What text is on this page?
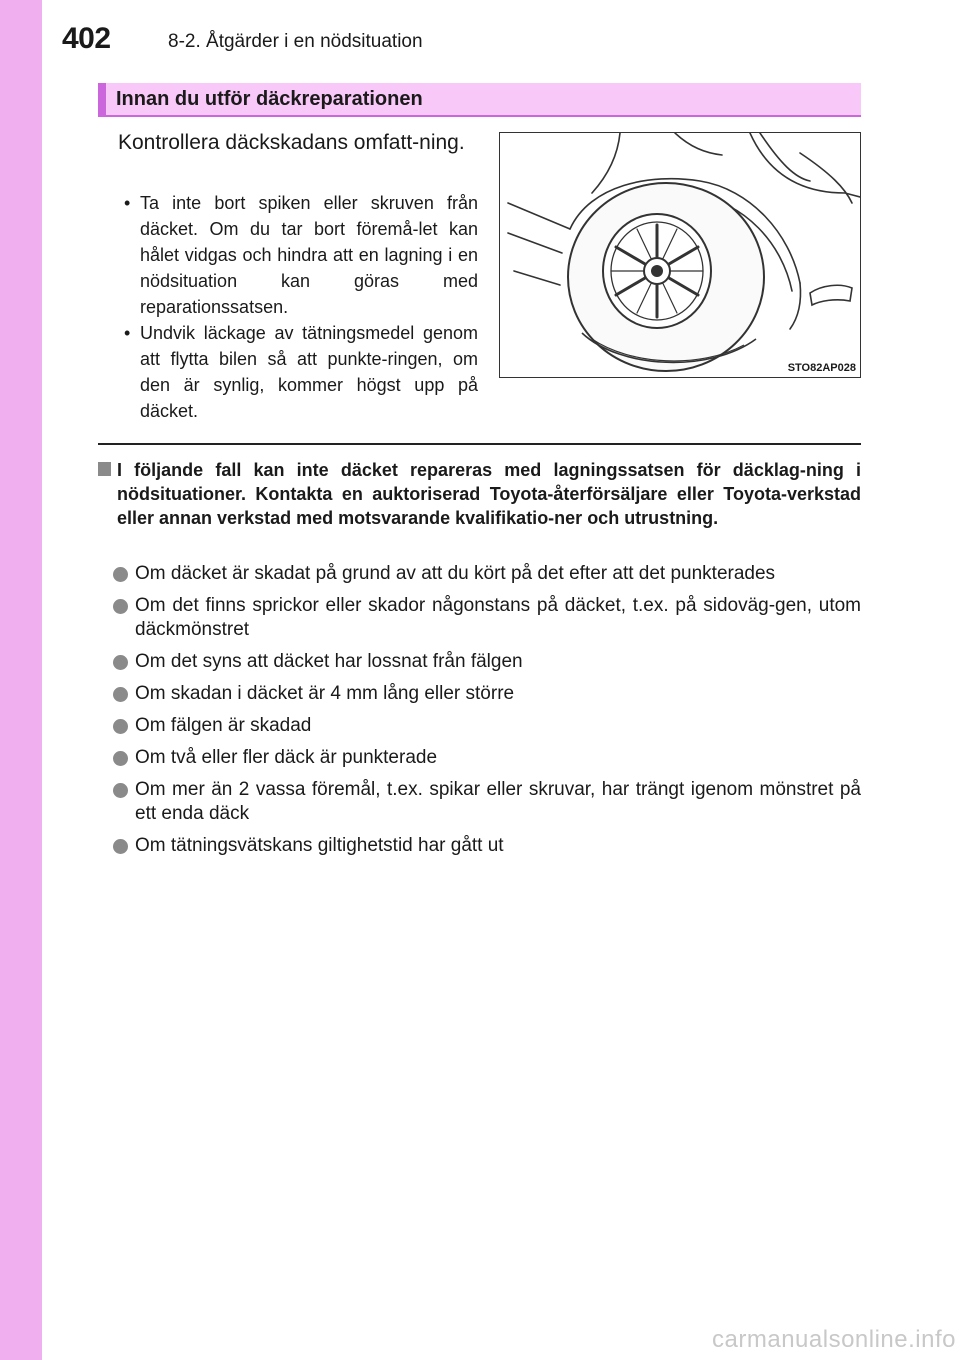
402	8-2. Åtgärder i en nödsituation
Innan du utför däckreparationen
Kontrollera däckskadans omfatt-ning.
• Ta inte bort spiken eller skruven från däcket. Om du tar bort föremå-let kan hålet vidgas och hindra att en lagning i en nödsituation kan göras med reparationssatsen.
• Undvik läckage av tätningsmedel genom att flytta bilen så att punkte-ringen, om den är synlig, kommer högst upp på däcket.
STO82AP028
I följande fall kan inte däcket repareras med lagningssatsen för däcklag-ning i nödsituationer. Kontakta en auktoriserad Toyota-återförsäljare eller Toyota-verkstad eller annan verkstad med motsvarande kvalifikatio-ner och utrustning.
Om däcket är skadat på grund av att du kört på det efter att det punkterades
Om det finns sprickor eller skador någonstans på däcket, t.ex. på sidoväg-gen, utom däckmönstret
Om det syns att däcket har lossnat från fälgen
Om skadan i däcket är 4 mm lång eller större
Om fälgen är skadad
Om två eller fler däck är punkterade
Om mer än 2 vassa föremål, t.ex. spikar eller skruvar, har trängt igenom mönstret på ett enda däck
Om tätningsvätskans giltighetstid har gått ut
carmanualsonline.info
